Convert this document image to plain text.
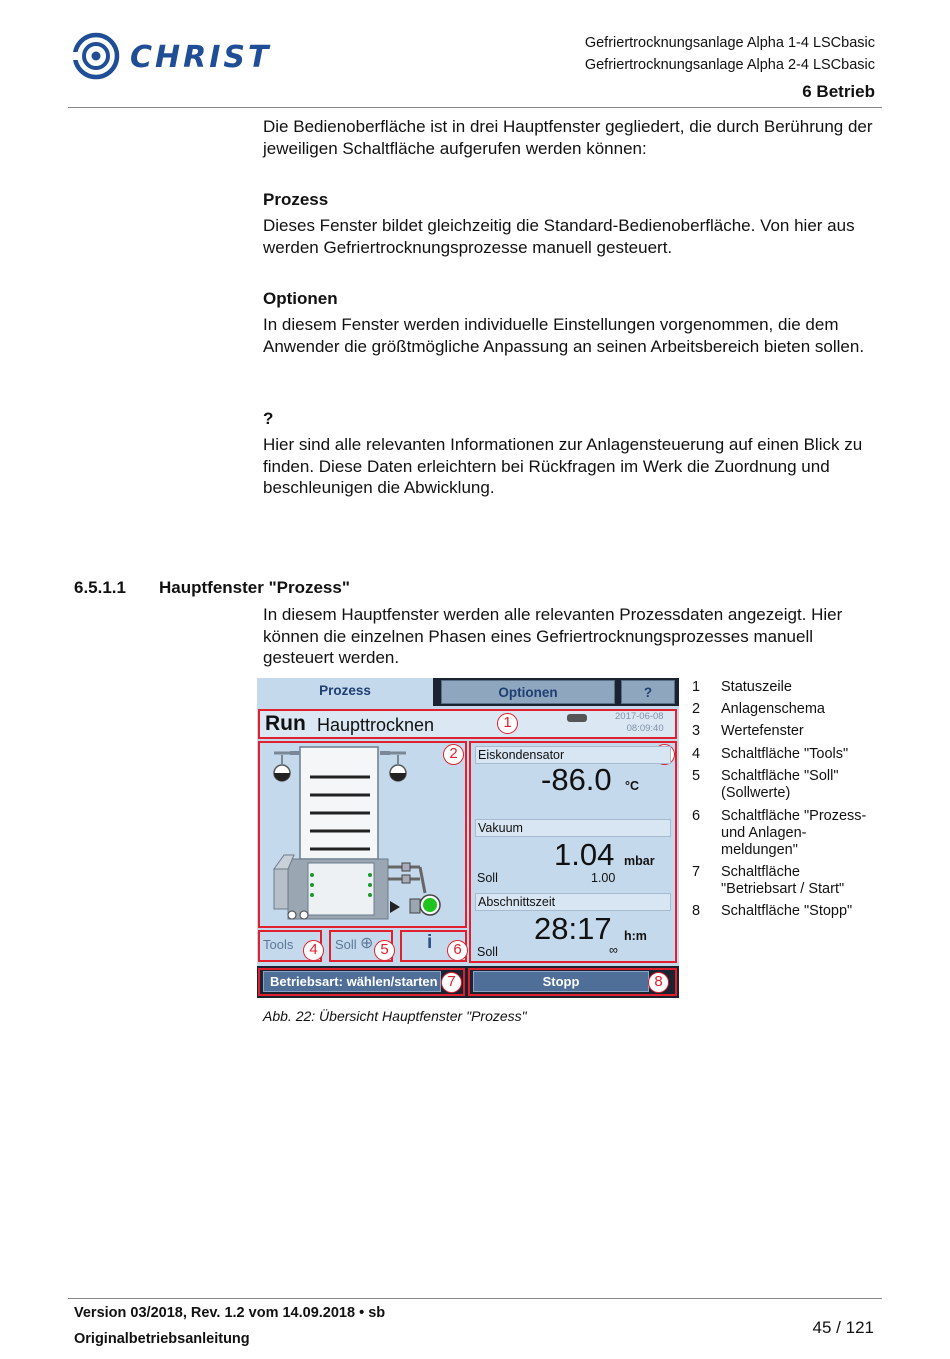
CHRIST	Gefriertrocknungsanlage Alpha 1-4 LSCbasic
Gefriertrocknungsanlage Alpha 2-4 LSCbasic
6 Betrieb
Die Bedienoberfläche ist in drei Hauptfenster gegliedert, die durch Berührung der jeweiligen Schaltfläche aufgerufen werden können:
Prozess
Dieses Fenster bildet gleichzeitig die Standard-Bedienoberfläche. Von hier aus werden Gefriertrocknungsprozesse manuell gesteuert.
Optionen
In diesem Fenster werden individuelle Einstellungen vorgenommen, die dem Anwender die größtmögliche Anpassung an seinen Arbeitsbereich bieten sollen.
?
Hier sind alle relevanten Informationen zur Anlagensteuerung auf einen Blick zu finden. Diese Daten erleichtern bei Rückfragen im Werk die Zuordnung und beschleunigen die Abwicklung.
6.5.1.1 Hauptfenster "Prozess"
In diesem Hauptfenster werden alle relevanten Prozessdaten angezeigt. Hier können die einzelnen Phasen eines Gefriertrocknungsprozesses manuell gesteuert werden.
Prozess	Optionen	?
Run Haupttrocknen	2017-06-08
08:09:40
1
2	Eiskondensator
-86.0 °C
Vakuum
1.04 mbar
Soll	1.00
Abschnittszeit
28:17 h:m
Soll	∞
Tools	4	Soll ⊕ 5	i	6
Betriebsart: wählen/starten 7	Stopp	8
1 Statuszeile
2 Anlagenschema
3 Wertefenster
4 Schaltfläche "Tools"
5 Schaltfläche "Soll" (Sollwerte)
6 Schaltfläche "Prozess- und Anlagen-meldungen"
7 Schaltfläche "Betriebsart / Start"
8 Schaltfläche "Stopp"
Abb. 22: Übersicht Hauptfenster "Prozess"
Version 03/2018, Rev. 1.2 vom 14.09.2018 • sb
Originalbetriebsanleitung
45 / 121
